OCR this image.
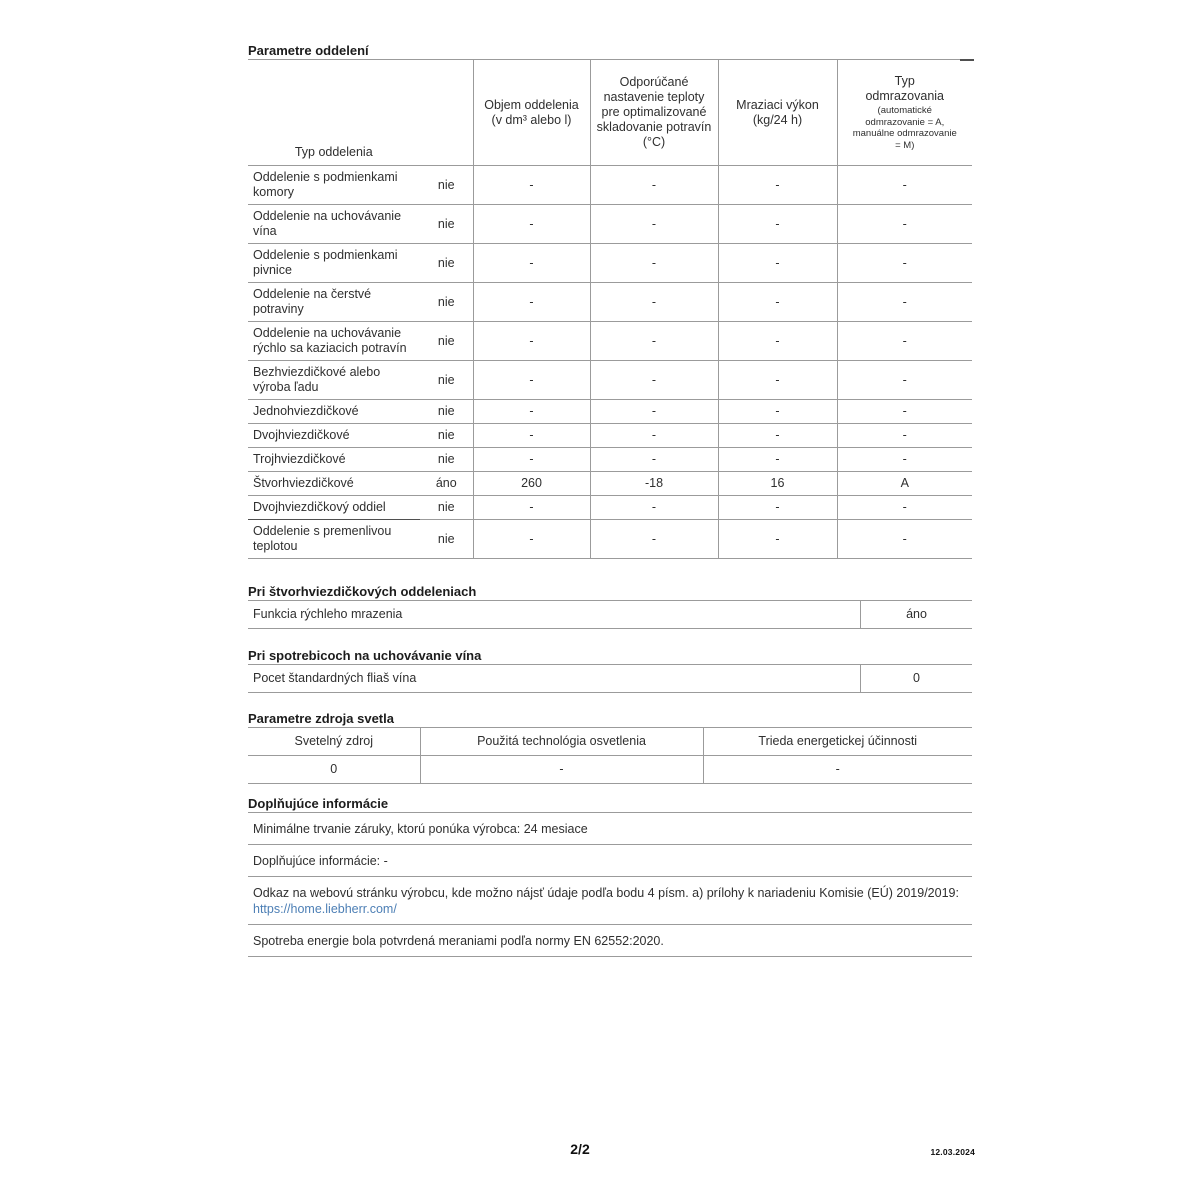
Parametre oddelení
Typ oddelenia		Objem oddelenia (v dm³ alebo l)	Odporúčané nastavenie teploty pre optimalizované skladovanie potravín (°C)	Mraziaci výkon (kg/24 h)	Typ odmrazovania
(automatické odmrazovanie = A, manuálne odmrazovanie = M)

Oddelenie s podmienkami komory	nie	-	-	-	-
Oddelenie na uchovávanie vína	nie	-	-	-	-
Oddelenie s podmienkami pivnice	nie	-	-	-	-
Oddelenie na čerstvé potraviny	nie	-	-	-	-
Oddelenie na uchovávanie rýchlo sa kaziacich potravín	nie	-	-	-	-
Bezhviezdičkové alebo výroba ľadu	nie	-	-	-	-
Jednohviezdičkové	nie	-	-	-	-
Dvojhviezdičkové	nie	-	-	-	-
Trojhviezdičkové	nie	-	-	-	-
Štvorhviezdičkové	áno	260	-18	16	A
Dvojhviezdičkový oddiel	nie	-	-	-	-
Oddelenie s premenlivou teplotou	nie	-	-	-	-
Pri štvorhviezdičkových oddeleniach
Funkcia rýchleho mrazenia	áno
Pri spotrebicoch na uchovávanie vína
Pocet štandardných fliaš vína	0
Parametre zdroja svetla
Svetelný zdroj	Použitá technológia osvetlenia	Trieda energetickej účinnosti
0	-	-
Doplňujúce informácie
Minimálne trvanie záruky, ktorú ponúka výrobca: 24 mesiace
Doplňujúce informácie: -
Odkaz na webovú stránku výrobcu, kde možno nájsť údaje podľa bodu 4 písm. a) prílohy k nariadeniu Komisie (EÚ) 2019/2019: https://home.liebherr.com/
Spotreba energie bola potvrdená meraniami podľa normy EN 62552:2020.
2/2	12.03.2024
